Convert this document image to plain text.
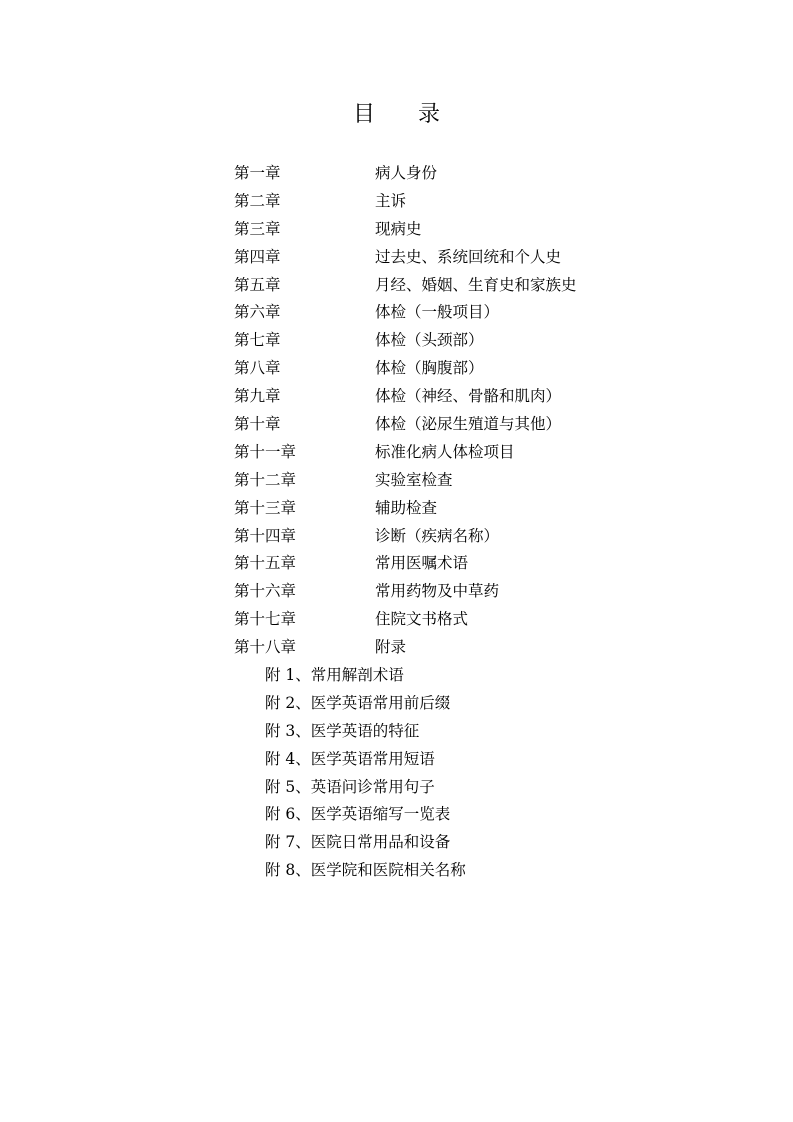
目 录
第一章	病人身份
第二章	主诉
第三章	现病史
第四章	过去史、系统回统和个人史
第五章	月经、婚姻、生育史和家族史
第六章	体检（一般项目）
第七章	体检（头颈部）
第八章	体检（胸腹部）
第九章	体检（神经、骨骼和肌肉）
第十章	体检（泌尿生殖道与其他）
第十一章	标准化病人体检项目
第十二章	实验室检查
第十三章	辅助检查
第十四章	诊断（疾病名称）
第十五章	常用医嘱术语
第十六章	常用药物及中草药
第十七章	住院文书格式
第十八章	附录
附 1、常用解剖术语
附 2、医学英语常用前后缀
附 3、医学英语的特征
附 4、医学英语常用短语
附 5、英语问诊常用句子
附 6、医学英语缩写一览表
附 7、医院日常用品和设备
附 8、医学院和医院相关名称
